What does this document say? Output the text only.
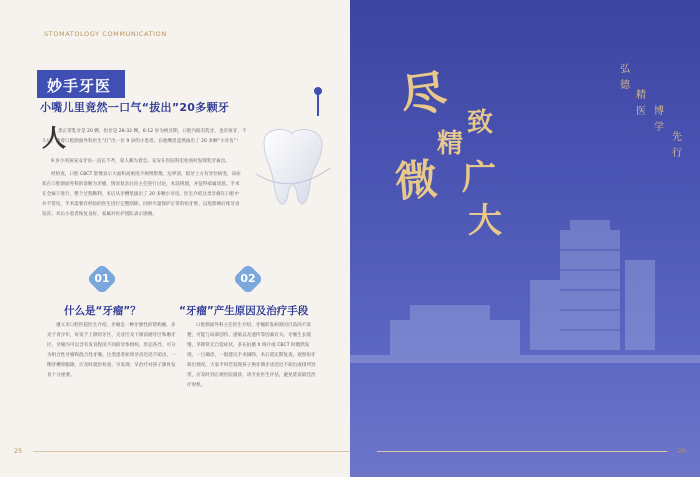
STOMATOLOGY COMMUNICATION
妙手牙医
小嘴儿里竟然一口气“拔出”20多颗牙
人
类正常乳牙是 20 颗，恒牙是 28-32 颗。6-12 岁为换牙期，口腔内既有乳牙，也有恒牙，不久后，随着口腔颌面外科医生“打”出一位 9 岁的小患者，在他嘴里竟然拔出了 20 多颗“小牙齿”！
9 岁小男孩安安牙齿一直长不齐，家人颇为着急。安安在医院科室检查时发现乳牙拔出。
经检查，口腔 CBCT 影像显示大面积高密度不规则影像，边界清，很牙上方有异位病变，该症状在口腔颌面外科的诊断为牙瘤，情况复杂后向主任进行讨论，术前规划，并征得家属同意。手术在全麻下进行，整个过程顺利，术后从牙槽里拔出了 20 多颗小牙齿。医生介绍这类牙瘤在口腔中并不常见，手术需要有经验的医生进行完整刮除，同时尽量保护正常的恒牙胚，以免影响后续牙齿发育。术后小患者恢复良好，家属对医护团队表示感谢。
01	02
什么是“牙瘤”？	“牙瘤”产生原因及治疗手段
遵义市口腔医院医生介绍，牙瘤是一种牙源性的错构瘤，多见于青少年，好发于上颌切牙区、尖牙区及下颌前磨牙区和磨牙区，牙瘤内可以含有发育程度不同的牙体组织，形态各异，可分为组合性牙瘤和混合性牙瘤。这类患者如果牙齿迟迟不萌出、一侧牙槽骨膨隆，应及时就医检查，早发现、早治疗对孩子颌骨发育十分重要。
口腔颌面外科主任医生介绍，牙瘤的发病原因目前尚不清楚，可能与局部创伤、感染以及遗传等因素有关。牙瘤生长缓慢，早期常无自觉症状，多在拍摄 X 线片或 CBCT 时偶然发现。一旦确诊，一般建议手术摘除，术后需定期复查，观察恒牙萌出情况。大家平时若发现孩子换牙期牙齿迟迟不萌出或排列异常，应及时到正规医院就诊，请专业医生评估，避免延误最佳治疗时机。
25
尽
精
致
微 广
大
弘德
精医 博学
先行
26
